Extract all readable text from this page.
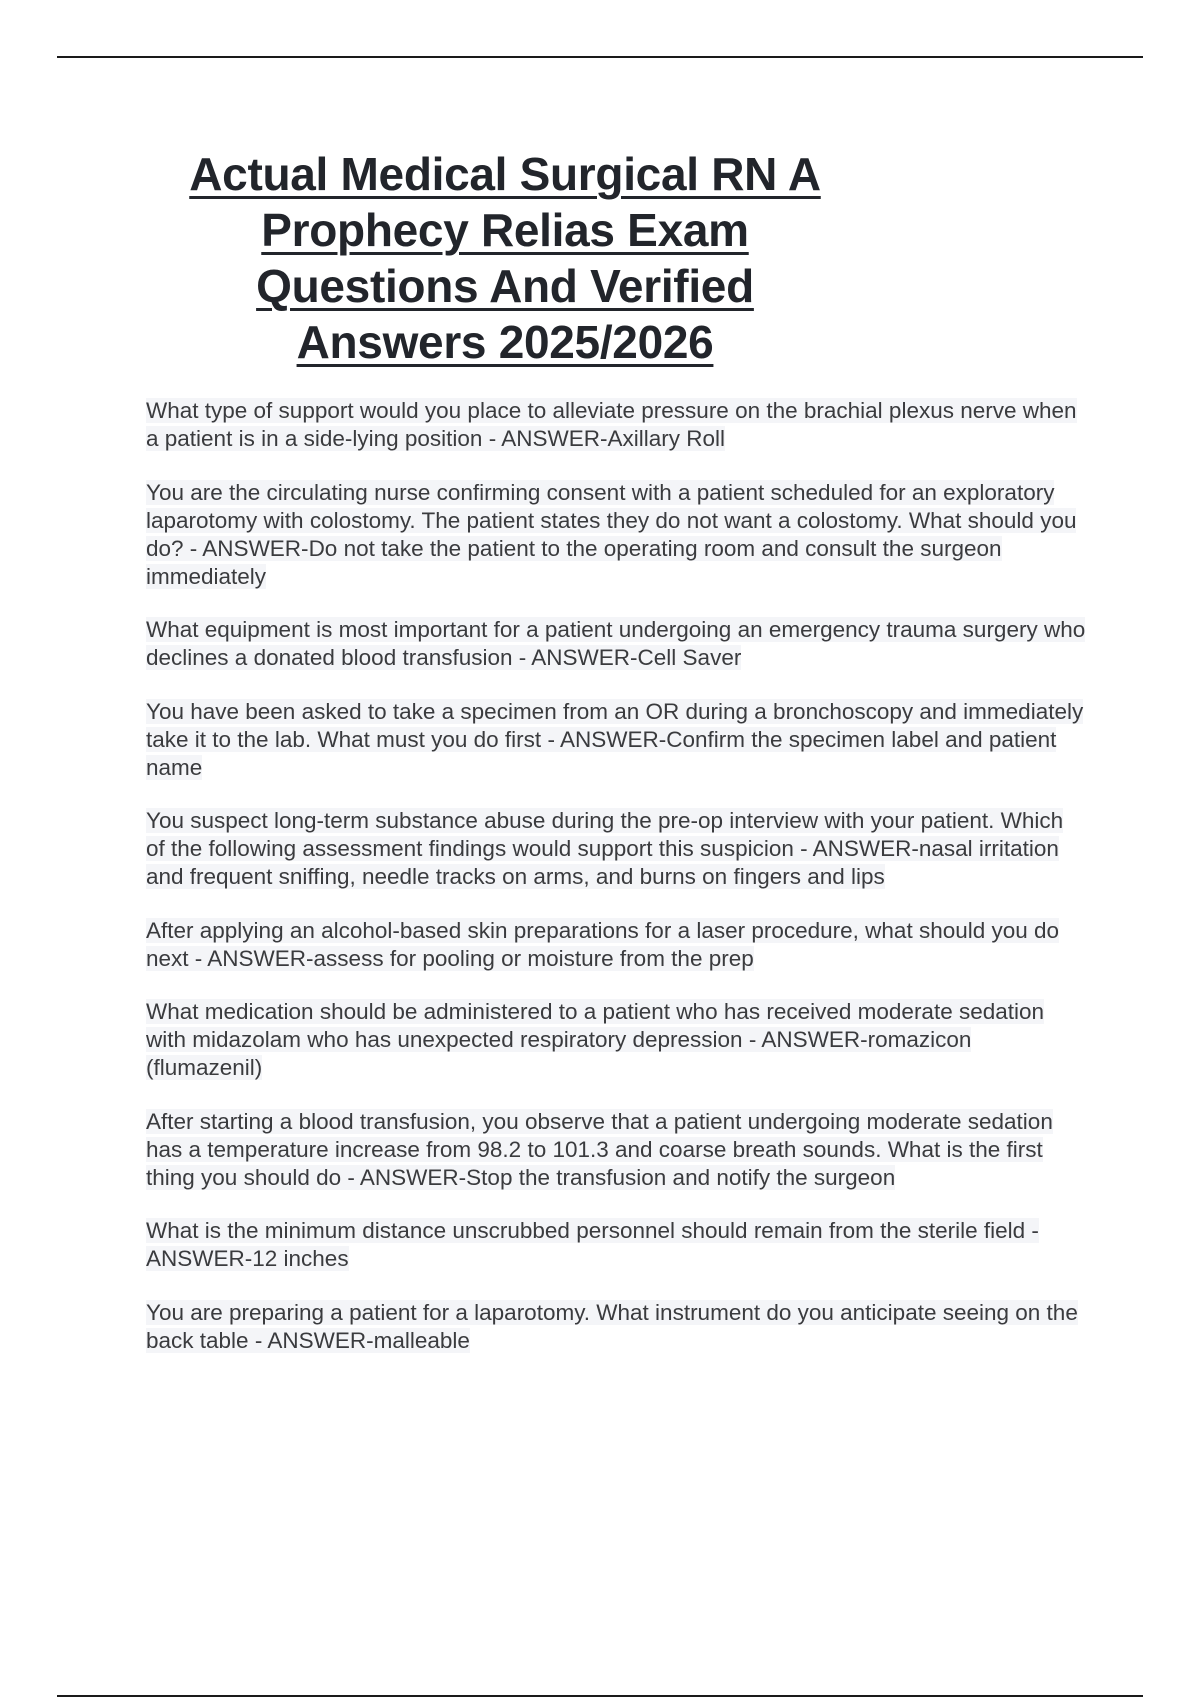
Actual Medical Surgical RN A
Prophecy Relias Exam
Questions And Verified
Answers 2025/2026

What type of support would you place to alleviate pressure on the brachial plexus nerve when a patient is in a side-lying position - ANSWER-Axillary Roll

You are the circulating nurse confirming consent with a patient scheduled for an exploratory laparotomy with colostomy. The patient states they do not want a colostomy. What should you do? - ANSWER-Do not take the patient to the operating room and consult the surgeon immediately

What equipment is most important for a patient undergoing an emergency trauma surgery who declines a donated blood transfusion - ANSWER-Cell Saver

You have been asked to take a specimen from an OR during a bronchoscopy and immediately take it to the lab. What must you do first - ANSWER-Confirm the specimen label and patient name

You suspect long-term substance abuse during the pre-op interview with your patient. Which of the following assessment findings would support this suspicion - ANSWER-nasal irritation and frequent sniffing, needle tracks on arms, and burns on fingers and lips

After applying an alcohol-based skin preparations for a laser procedure, what should you do next - ANSWER-assess for pooling or moisture from the prep

What medication should be administered to a patient who has received moderate sedation with midazolam who has unexpected respiratory depression - ANSWER-romazicon (flumazenil)

After starting a blood transfusion, you observe that a patient undergoing moderate sedation has a temperature increase from 98.2 to 101.3 and coarse breath sounds. What is the first thing you should do - ANSWER-Stop the transfusion and notify the surgeon

What is the minimum distance unscrubbed personnel should remain from the sterile field - ANSWER-12 inches

You are preparing a patient for a laparotomy. What instrument do you anticipate seeing on the back table - ANSWER-malleable
